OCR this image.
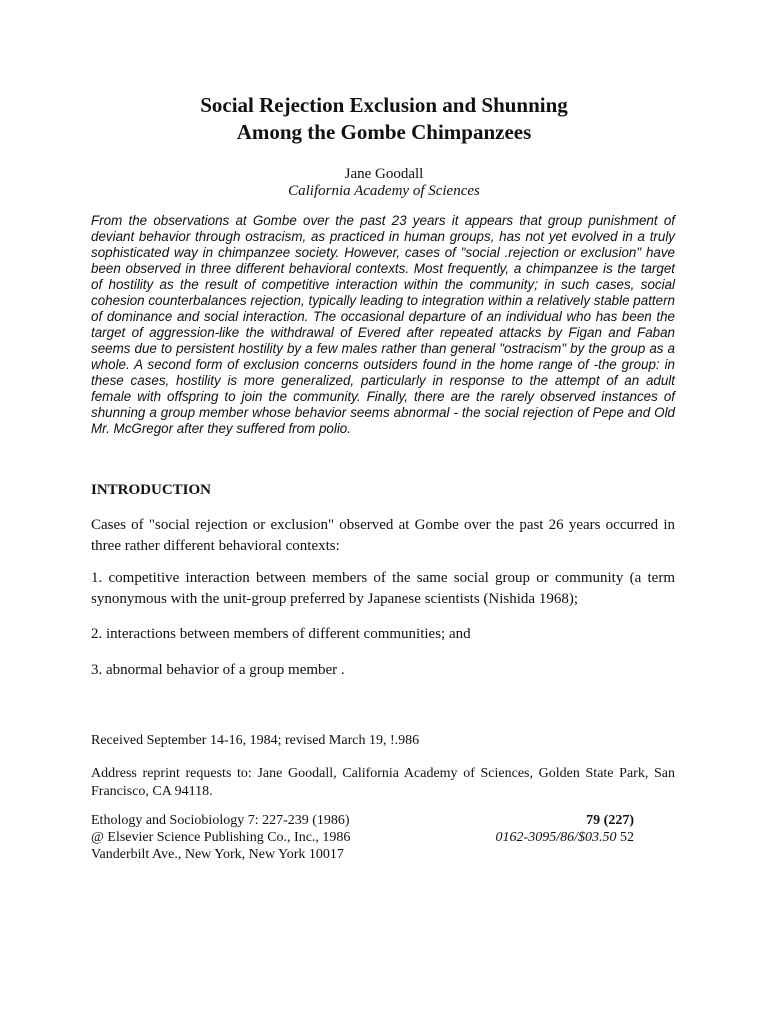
Social Rejection Exclusion and Shunning
Among the Gombe Chimpanzees
Jane Goodall
California Academy of Sciences

From the observations at Gombe over the past 23 years it appears that group punishment of deviant behavior through ostracism, as practiced in human groups, has not yet evolved in a truly sophisticated way in chimpanzee society. However, cases of "social .rejection or exclusion" have been observed in three different behavioral contexts. Most frequently, a chimpanzee is the target of hostility as the result of competitive interaction within the community; in such cases, social cohesion counterbalances rejection, typically leading to integration within a relatively stable pattern of dominance and social interaction. The occasional departure of an individual who has been the target of aggression-like the withdrawal of Evered after repeated attacks by Figan and Faban seems due to persistent hostility by a few males rather than general "ostracism" by the group as a whole. A second form of exclusion concerns outsiders found in the home range of -the group: in these cases, hostility is more generalized, particularly in response to the attempt of an adult female with offspring to join the community. Finally, there are the rarely observed instances of shunning a group member whose behavior seems abnormal - the social rejection of Pepe and Old Mr. McGregor after they suffered from polio.

INTRODUCTION

Cases of "social rejection or exclusion" observed at Gombe over the past 26 years occurred in three rather different behavioral contexts:

1. competitive interaction between members of the same social group or community (a term synonymous with the unit-group preferred by Japanese scientists (Nishida 1968);

2. interactions between members of different communities; and

3. abnormal behavior of a group member .

Received September 14-16, 1984; revised March 19, !.986

Address reprint requests to: Jane Goodall, California Academy of Sciences, Golden State Park, San Francisco, CA 94118.

Ethology and Sociobiology 7: 227-239 (1986)
@ Elsevier Science Publishing Co., Inc., 1986
Vanderbilt Ave., New York, New York 10017
79 (227)
0162-3095/86/$03.50 52
